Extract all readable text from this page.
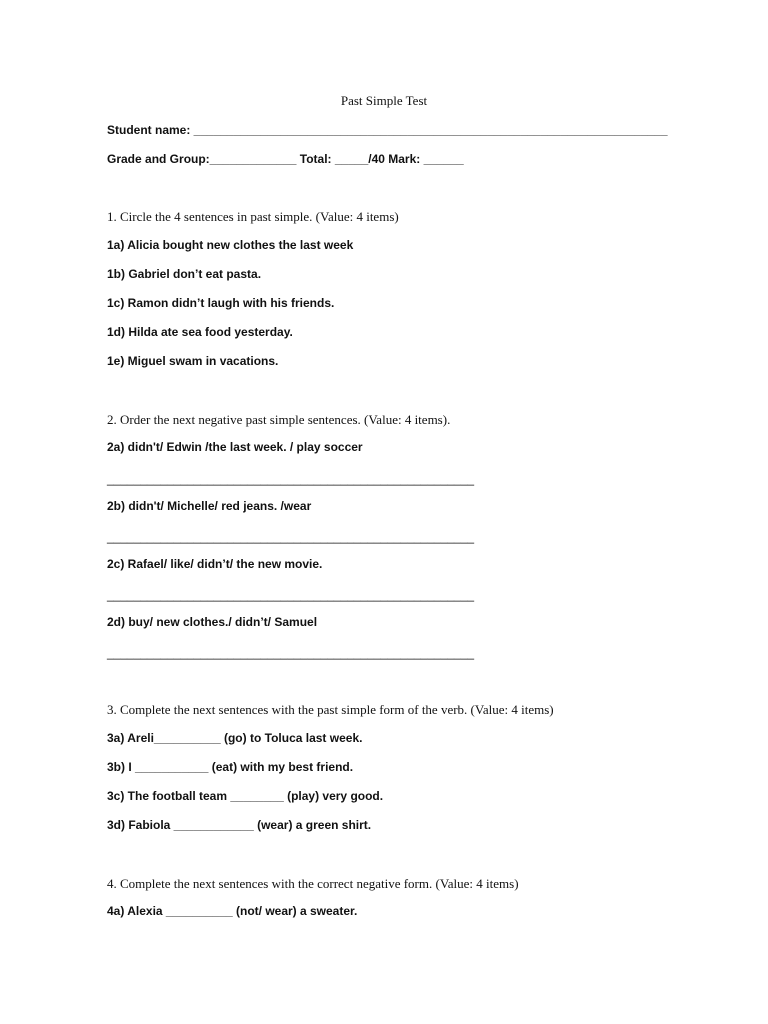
Past Simple Test
Student name: _______________________________________________________________________
Grade and Group:_____________ Total: _____/40 Mark: ______
1. Circle the 4 sentences in past simple. (Value: 4 items)
1a) Alicia bought new clothes the last week
1b) Gabriel don’t eat pasta.
1c) Ramon didn’t laugh with his friends.
1d) Hilda ate sea food yesterday.
1e) Miguel swam in vacations.
2. Order the next negative past simple sentences. (Value: 4 items).
2a) didn't/ Edwin /the last week. / play soccer
_______________________________________________________
2b) didn't/ Michelle/ red jeans. /wear
_______________________________________________________
2c) Rafael/ like/ didn’t/ the new movie.
_______________________________________________________
2d) buy/ new clothes./ didn’t/ Samuel
_______________________________________________________
3. Complete the next sentences with the past simple form of the verb. (Value: 4 items)
3a) Areli__________ (go) to Toluca last week.
3b) I ___________ (eat) with my best friend.
3c) The football team ________ (play) very good.
3d) Fabiola ____________ (wear) a green shirt.
4. Complete the next sentences with the correct negative form. (Value: 4 items)
4a) Alexia __________ (not/ wear) a sweater.
